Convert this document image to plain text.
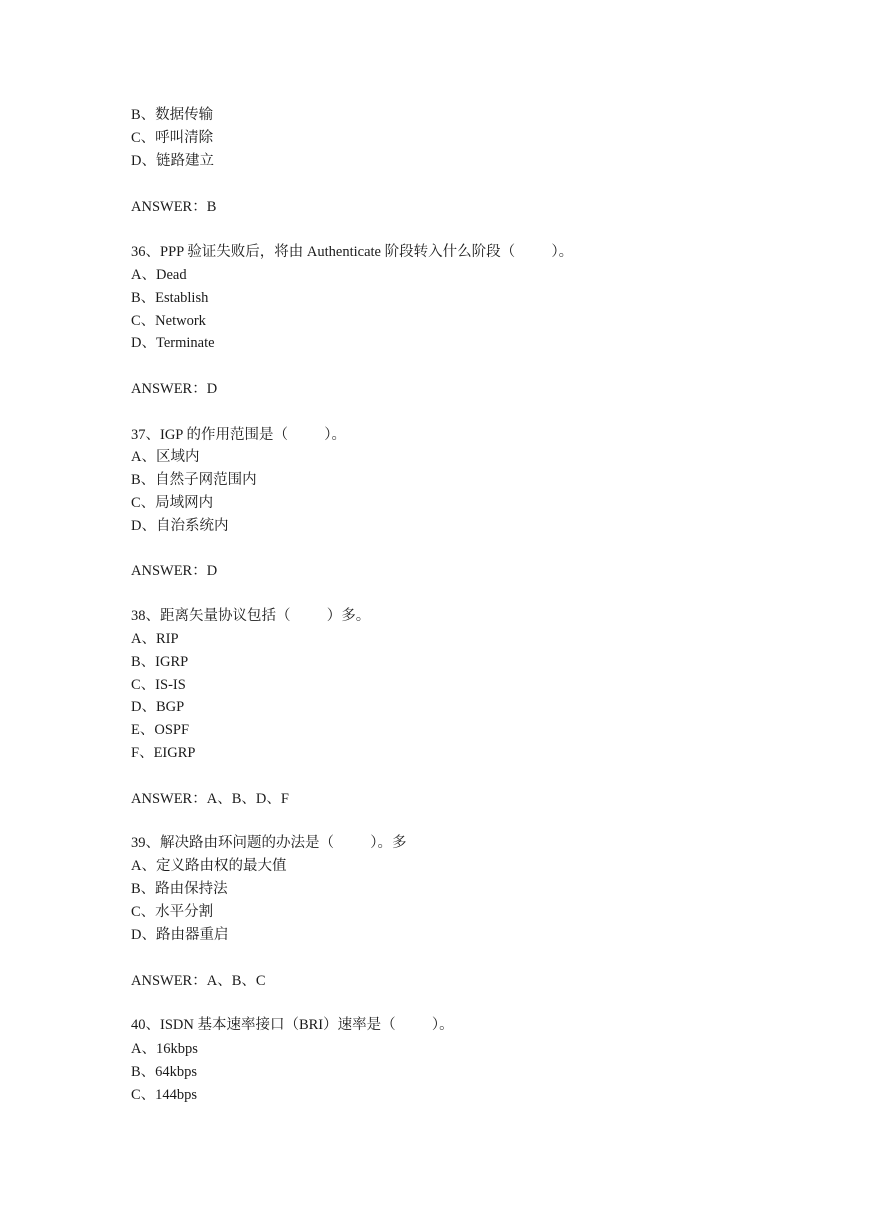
B、数据传输
C、呼叫清除
D、链路建立
ANSWER：B
36、PPP 验证失败后，将由 Authenticate 阶段转入什么阶段（          ）。
A、Dead
B、Establish
C、Network
D、Terminate
ANSWER：D
37、IGP 的作用范围是（          ）。
A、区域内
B、自然子网范围内
C、局域网内
D、自治系统内
ANSWER：D
38、距离矢量协议包括（          ）多。
A、RIP
B、IGRP
C、IS-IS
D、BGP
E、OSPF
F、EIGRP
ANSWER：A、B、D、F
39、解决路由环问题的办法是（          ）。多
A、定义路由权的最大值
B、路由保持法
C、水平分割
D、路由器重启
ANSWER：A、B、C
40、ISDN 基本速率接口（BRI）速率是（          ）。
A、16kbps
B、64kbps
C、144bps
